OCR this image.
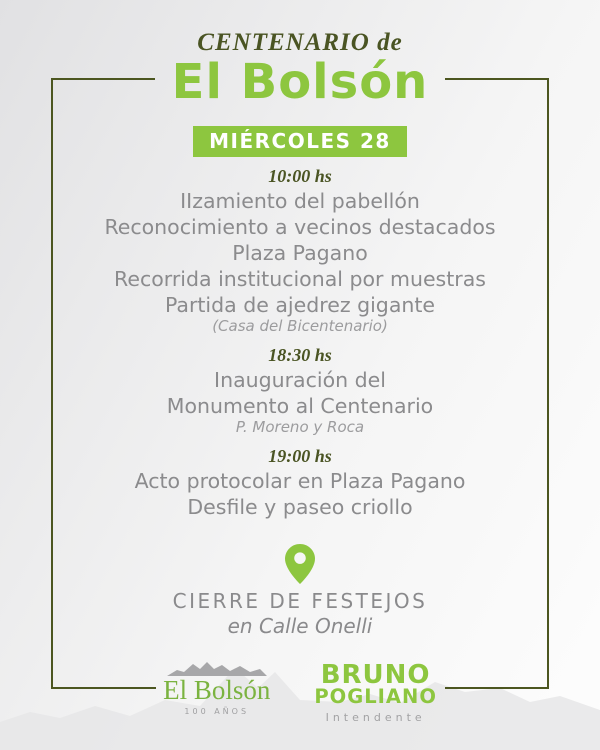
CENTENARIO de
El Bolsón
MIÉRCOLES 28
10:00 hs
IIzamiento del pabellón
Reconocimiento a vecinos destacados
Plaza Pagano
Recorrida institucional por muestras
Partida de ajedrez gigante
(Casa del Bicentenario)
18:30 hs
Inauguración del
Monumento al Centenario
P. Moreno y Roca
19:00 hs
Acto protocolar en Plaza Pagano
Desfile y paseo criollo
CIERRE DE FESTEJOS
en Calle Onelli
El Bolsón
100 AÑOS
BRUNO
POGLIANO
Intendente
